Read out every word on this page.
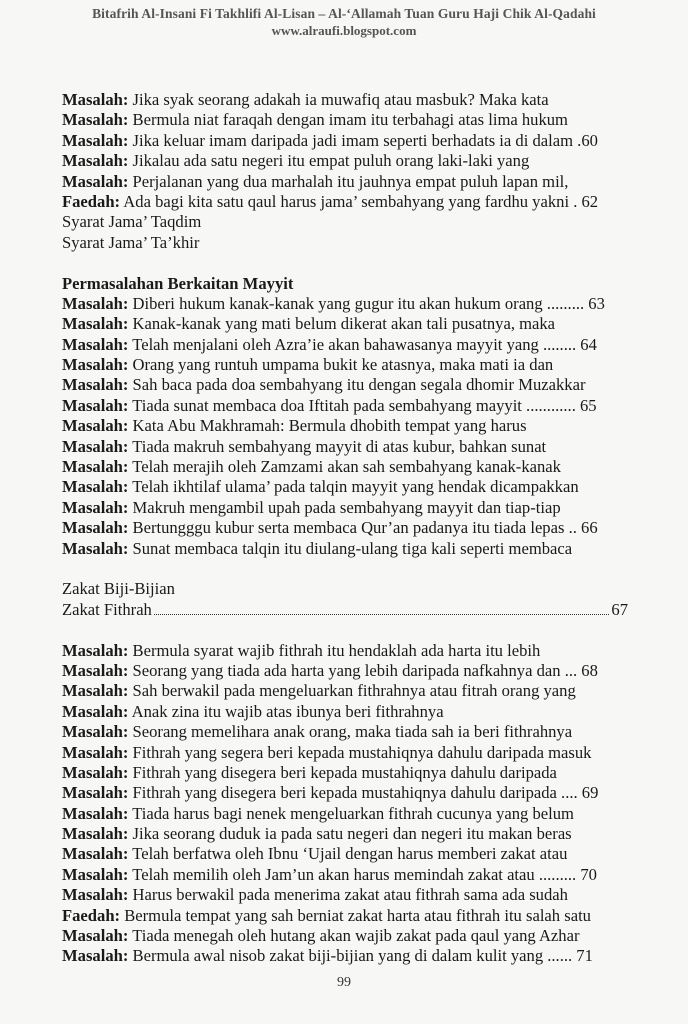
Bitafrih Al-Insani Fi Takhlifi Al-Lisan – Al-‘Allamah Tuan Guru Haji Chik Al-Qadahi
www.alraufi.blogspot.com
Masalah: Jika syak seorang adakah ia muwafiq atau masbuk? Maka kata
Masalah: Bermula niat faraqah dengan imam itu terbahagi atas lima hukum
Masalah: Jika keluar imam daripada jadi imam seperti berhadats ia di dalam .60
Masalah: Jikalau ada satu negeri itu empat puluh orang laki-laki yang
Masalah: Perjalanan yang dua marhalah itu jauhnya empat puluh lapan mil,
Faedah: Ada bagi kita satu qaul harus jama’ sembahyang yang fardhu yakni . 62
Syarat Jama’ Taqdim
Syarat Jama’ Ta’khir
Permasalahan Berkaitan Mayyit
Masalah: Diberi hukum kanak-kanak yang gugur itu akan hukum orang ......... 63
Masalah: Kanak-kanak yang mati belum dikerat akan tali pusatnya, maka
Masalah: Telah menjalani oleh Azra’ie akan bahawasanya mayyit yang ........ 64
Masalah: Orang yang runtuh umpama bukit ke atasnya, maka mati ia dan
Masalah: Sah baca pada doa sembahyang itu dengan segala dhomir Muzakkar
Masalah: Tiada sunat membaca doa Iftitah pada sembahyang mayyit ............ 65
Masalah: Kata Abu Makhramah: Bermula dhobith tempat yang harus
Masalah: Tiada makruh sembahyang mayyit di atas kubur, bahkan sunat
Masalah: Telah merajih oleh Zamzami akan sah sembahyang kanak-kanak
Masalah: Telah ikhtilaf ulama’ pada talqin mayyit yang hendak dicampakkan
Masalah: Makruh mengambil upah pada sembahyang mayyit dan tiap-tiap
Masalah: Bertungggu kubur serta membaca Qur’an padanya itu tiada lepas .. 66
Masalah: Sunat membaca talqin itu diulang-ulang tiga kali seperti membaca
Zakat Biji-Bijian
Zakat Fithrah	67
Masalah: Bermula syarat wajib fithrah itu hendaklah ada harta itu lebih
Masalah: Seorang yang tiada ada harta yang lebih daripada nafkahnya dan ... 68
Masalah: Sah berwakil pada mengeluarkan fithrahnya atau fitrah orang yang
Masalah: Anak zina itu wajib atas ibunya beri fithrahnya
Masalah: Seorang memelihara anak orang, maka tiada sah ia beri fithrahnya
Masalah: Fithrah yang segera beri kepada mustahiqnya dahulu daripada masuk
Masalah: Fithrah yang disegera beri kepada mustahiqnya dahulu daripada
Masalah: Fithrah yang disegera beri kepada mustahiqnya dahulu daripada .... 69
Masalah: Tiada harus bagi nenek mengeluarkan fithrah cucunya yang belum
Masalah: Jika seorang duduk ia pada satu negeri dan negeri itu makan beras
Masalah: Telah berfatwa oleh Ibnu ‘Ujail dengan harus memberi zakat atau
Masalah: Telah memilih oleh Jam’un akan harus memindah zakat atau ......... 70
Masalah: Harus berwakil pada menerima zakat atau fithrah sama ada sudah
Faedah: Bermula tempat yang sah berniat zakat harta atau fithrah itu salah satu
Masalah: Tiada menegah oleh hutang akan wajib zakat pada qaul yang Azhar
Masalah: Bermula awal nisob zakat biji-bijian yang di dalam kulit yang ...... 71
99
